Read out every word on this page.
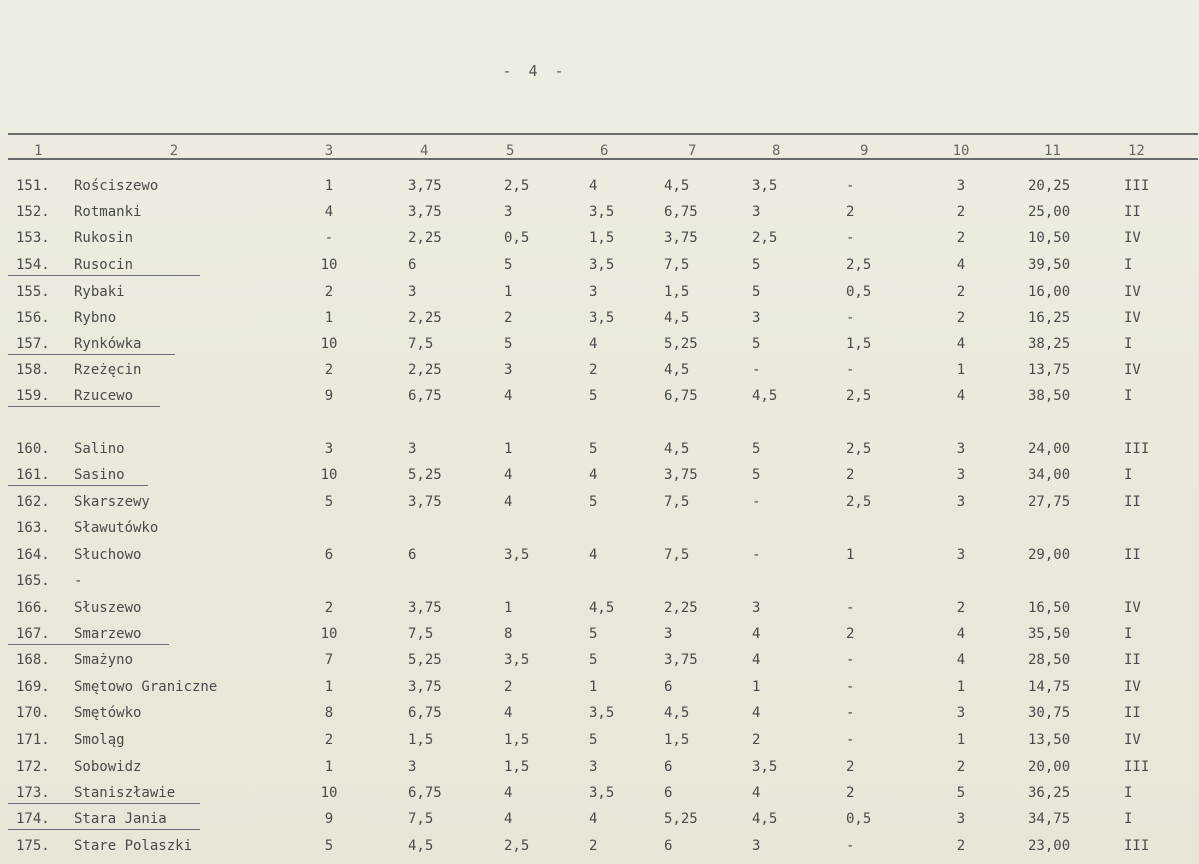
- 4 -
1	2	3	4	5	6	7	8	9	10	11	12
151.	Rościszewo	1	3,75	2,5	4	4,5	3,5	-	3	20,25	III
152.	Rotmanki	4	3,75	3	3,5	6,75	3	2	2	25,00	II
153.	Rukosin	-	2,25	0,5	1,5	3,75	2,5	-	2	10,50	IV
154.	Rusocin	10	6	5	3,5	7,5	5	2,5	4	39,50	I
155.	Rybaki	2	3	1	3	1,5	5	0,5	2	16,00	IV
156.	Rybno	1	2,25	2	3,5	4,5	3	-	2	16,25	IV
157.	Rynkówka	10	7,5	5	4	5,25	5	1,5	4	38,25	I
158.	Rzeżęcin	2	2,25	3	2	4,5	-	-	1	13,75	IV
159.	Rzucewo	9	6,75	4	5	6,75	4,5	2,5	4	38,50	I
160.	Salino	3	3	1	5	4,5	5	2,5	3	24,00	III
161.	Sasino	10	5,25	4	4	3,75	5	2	3	34,00	I
162.	Skarszewy	5	3,75	4	5	7,5	-	2,5	3	27,75	II
163.	Sławutówko
164.	Słuchowo	6	6	3,5	4	7,5	-	1	3	29,00	II
165.	-
166.	Słuszewo	2	3,75	1	4,5	2,25	3	-	2	16,50	IV
167.	Smarzewo	10	7,5	8	5	3	4	2	4	35,50	I
168.	Smażyno	7	5,25	3,5	5	3,75	4	-	4	28,50	II
169.	Smętowo Graniczne	1	3,75	2	1	6	1	-	1	14,75	IV
170.	Smętówko	8	6,75	4	3,5	4,5	4	-	3	30,75	II
171.	Smoląg	2	1,5	1,5	5	1,5	2	-	1	13,50	IV
172.	Sobowidz	1	3	1,5	3	6	3,5	2	2	20,00	III
173.	Staniszławie	10	6,75	4	3,5	6	4	2	5	36,25	I
174.	Stara Jania	9	7,5	4	4	5,25	4,5	0,5	3	34,75	I
175.	Stare Polaszki	5	4,5	2,5	2	6	3	-	2	23,00	III
